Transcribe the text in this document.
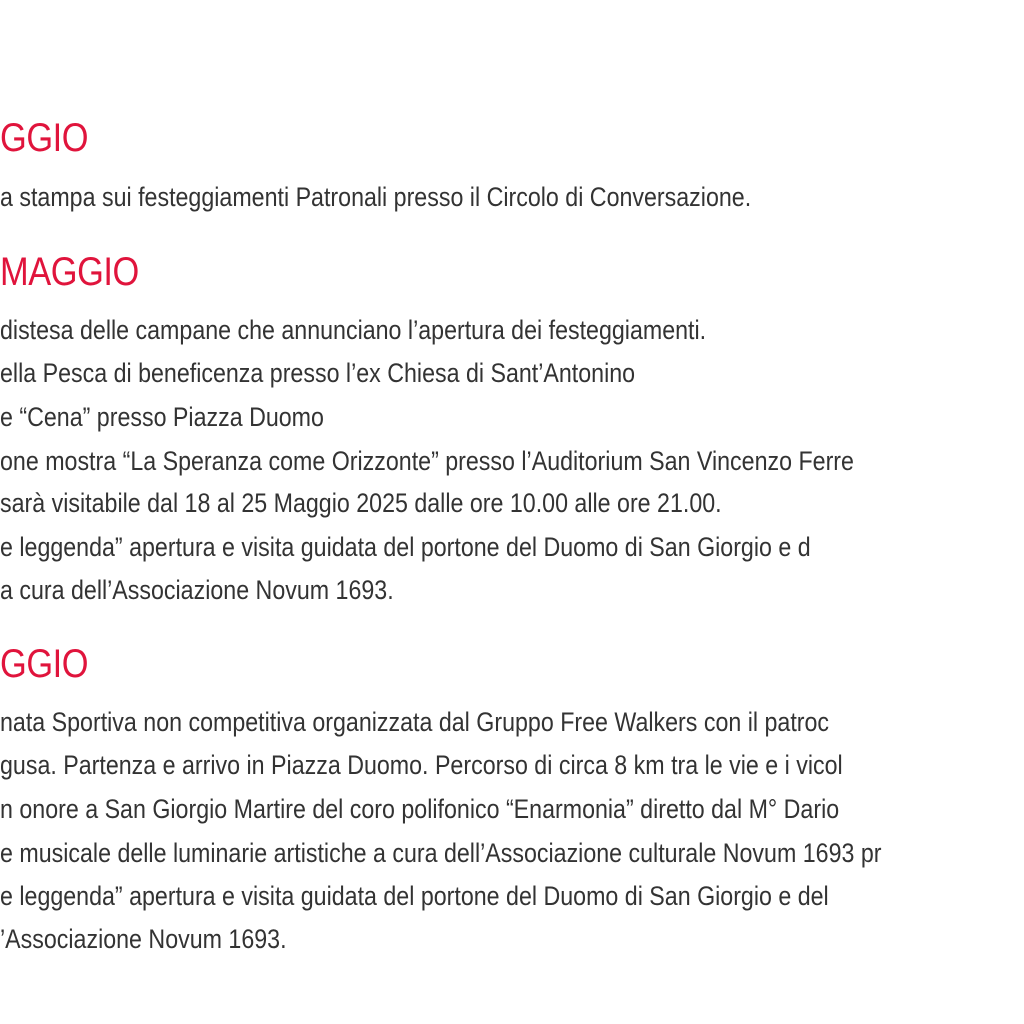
GGIO

a stampa sui festeggiamenti Patronali presso il Circolo di Conversazione.

MAGGIO

distesa delle campane che annunciano l’apertura dei festeggiamenti.

ella Pesca di beneficenza presso l’ex Chiesa di Sant’Antonino

e “Cena” presso Piazza Duomo

one mostra “La Speranza come Orizzonte” presso l’Auditorium San Vincenzo Ferre

sarà visitabile dal 18 al 25 Maggio 2025 dalle ore 10.00 alle ore 21.00.

e leggenda” apertura e visita guidata del portone del Duomo di San Giorgio e d

a cura dell’Associazione Novum 1693.

GGIO

nata Sportiva non competitiva organizzata dal Gruppo Free Walkers con il patroc

gusa. Partenza e arrivo in Piazza Duomo. Percorso di circa 8 km tra le vie e i vicol

n onore a San Giorgio Martire del coro polifonico “Enarmonia” diretto dal M° Dario

e musicale delle luminarie artistiche a cura dell’Associazione culturale Novum 1693 pr

e leggenda” apertura e visita guidata del portone del Duomo di San Giorgio e del

’Associazione Novum 1693.
